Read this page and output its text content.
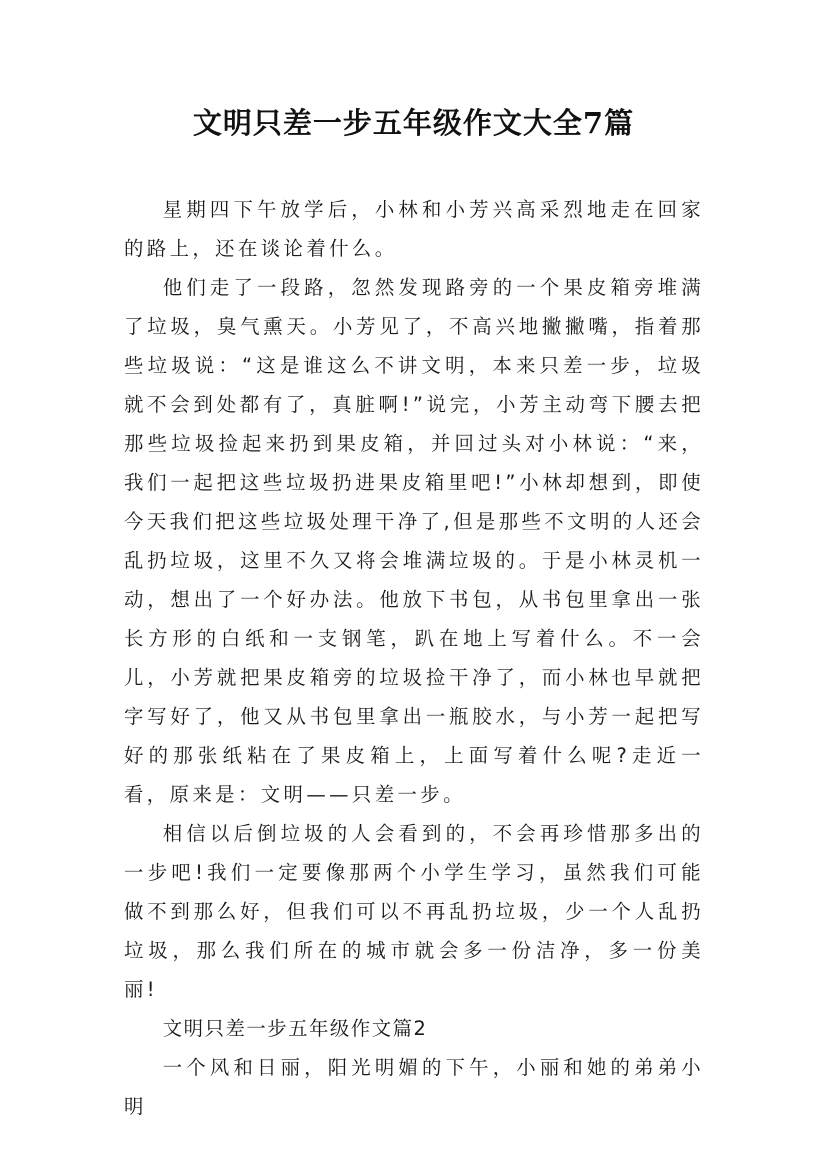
文明只差一步五年级作文大全7篇

星期四下午放学后，小林和小芳兴高采烈地走在回家的路上，还在谈论着什么。

他们走了一段路，忽然发现路旁的一个果皮箱旁堆满了垃圾，臭气熏天。小芳见了，不高兴地撇撇嘴，指着那些垃圾说：“这是谁这么不讲文明，本来只差一步，垃圾就不会到处都有了，真脏啊!”说完，小芳主动弯下腰去把那些垃圾捡起来扔到果皮箱，并回过头对小林说：“来，我们一起把这些垃圾扔进果皮箱里吧!”小林却想到，即使今天我们把这些垃圾处理干净了,但是那些不文明的人还会乱扔垃圾，这里不久又将会堆满垃圾的。于是小林灵机一动，想出了一个好办法。他放下书包，从书包里拿出一张长方形的白纸和一支钢笔，趴在地上写着什么。不一会儿，小芳就把果皮箱旁的垃圾捡干净了，而小林也早就把字写好了，他又从书包里拿出一瓶胶水，与小芳一起把写好的那张纸粘在了果皮箱上，上面写着什么呢?走近一看，原来是：文明——只差一步。

相信以后倒垃圾的人会看到的，不会再珍惜那多出的一步吧!我们一定要像那两个小学生学习，虽然我们可能做不到那么好，但我们可以不再乱扔垃圾，少一个人乱扔垃圾，那么我们所在的城市就会多一份洁净，多一份美丽!

文明只差一步五年级作文篇2

一个风和日丽，阳光明媚的下午，小丽和她的弟弟小明
